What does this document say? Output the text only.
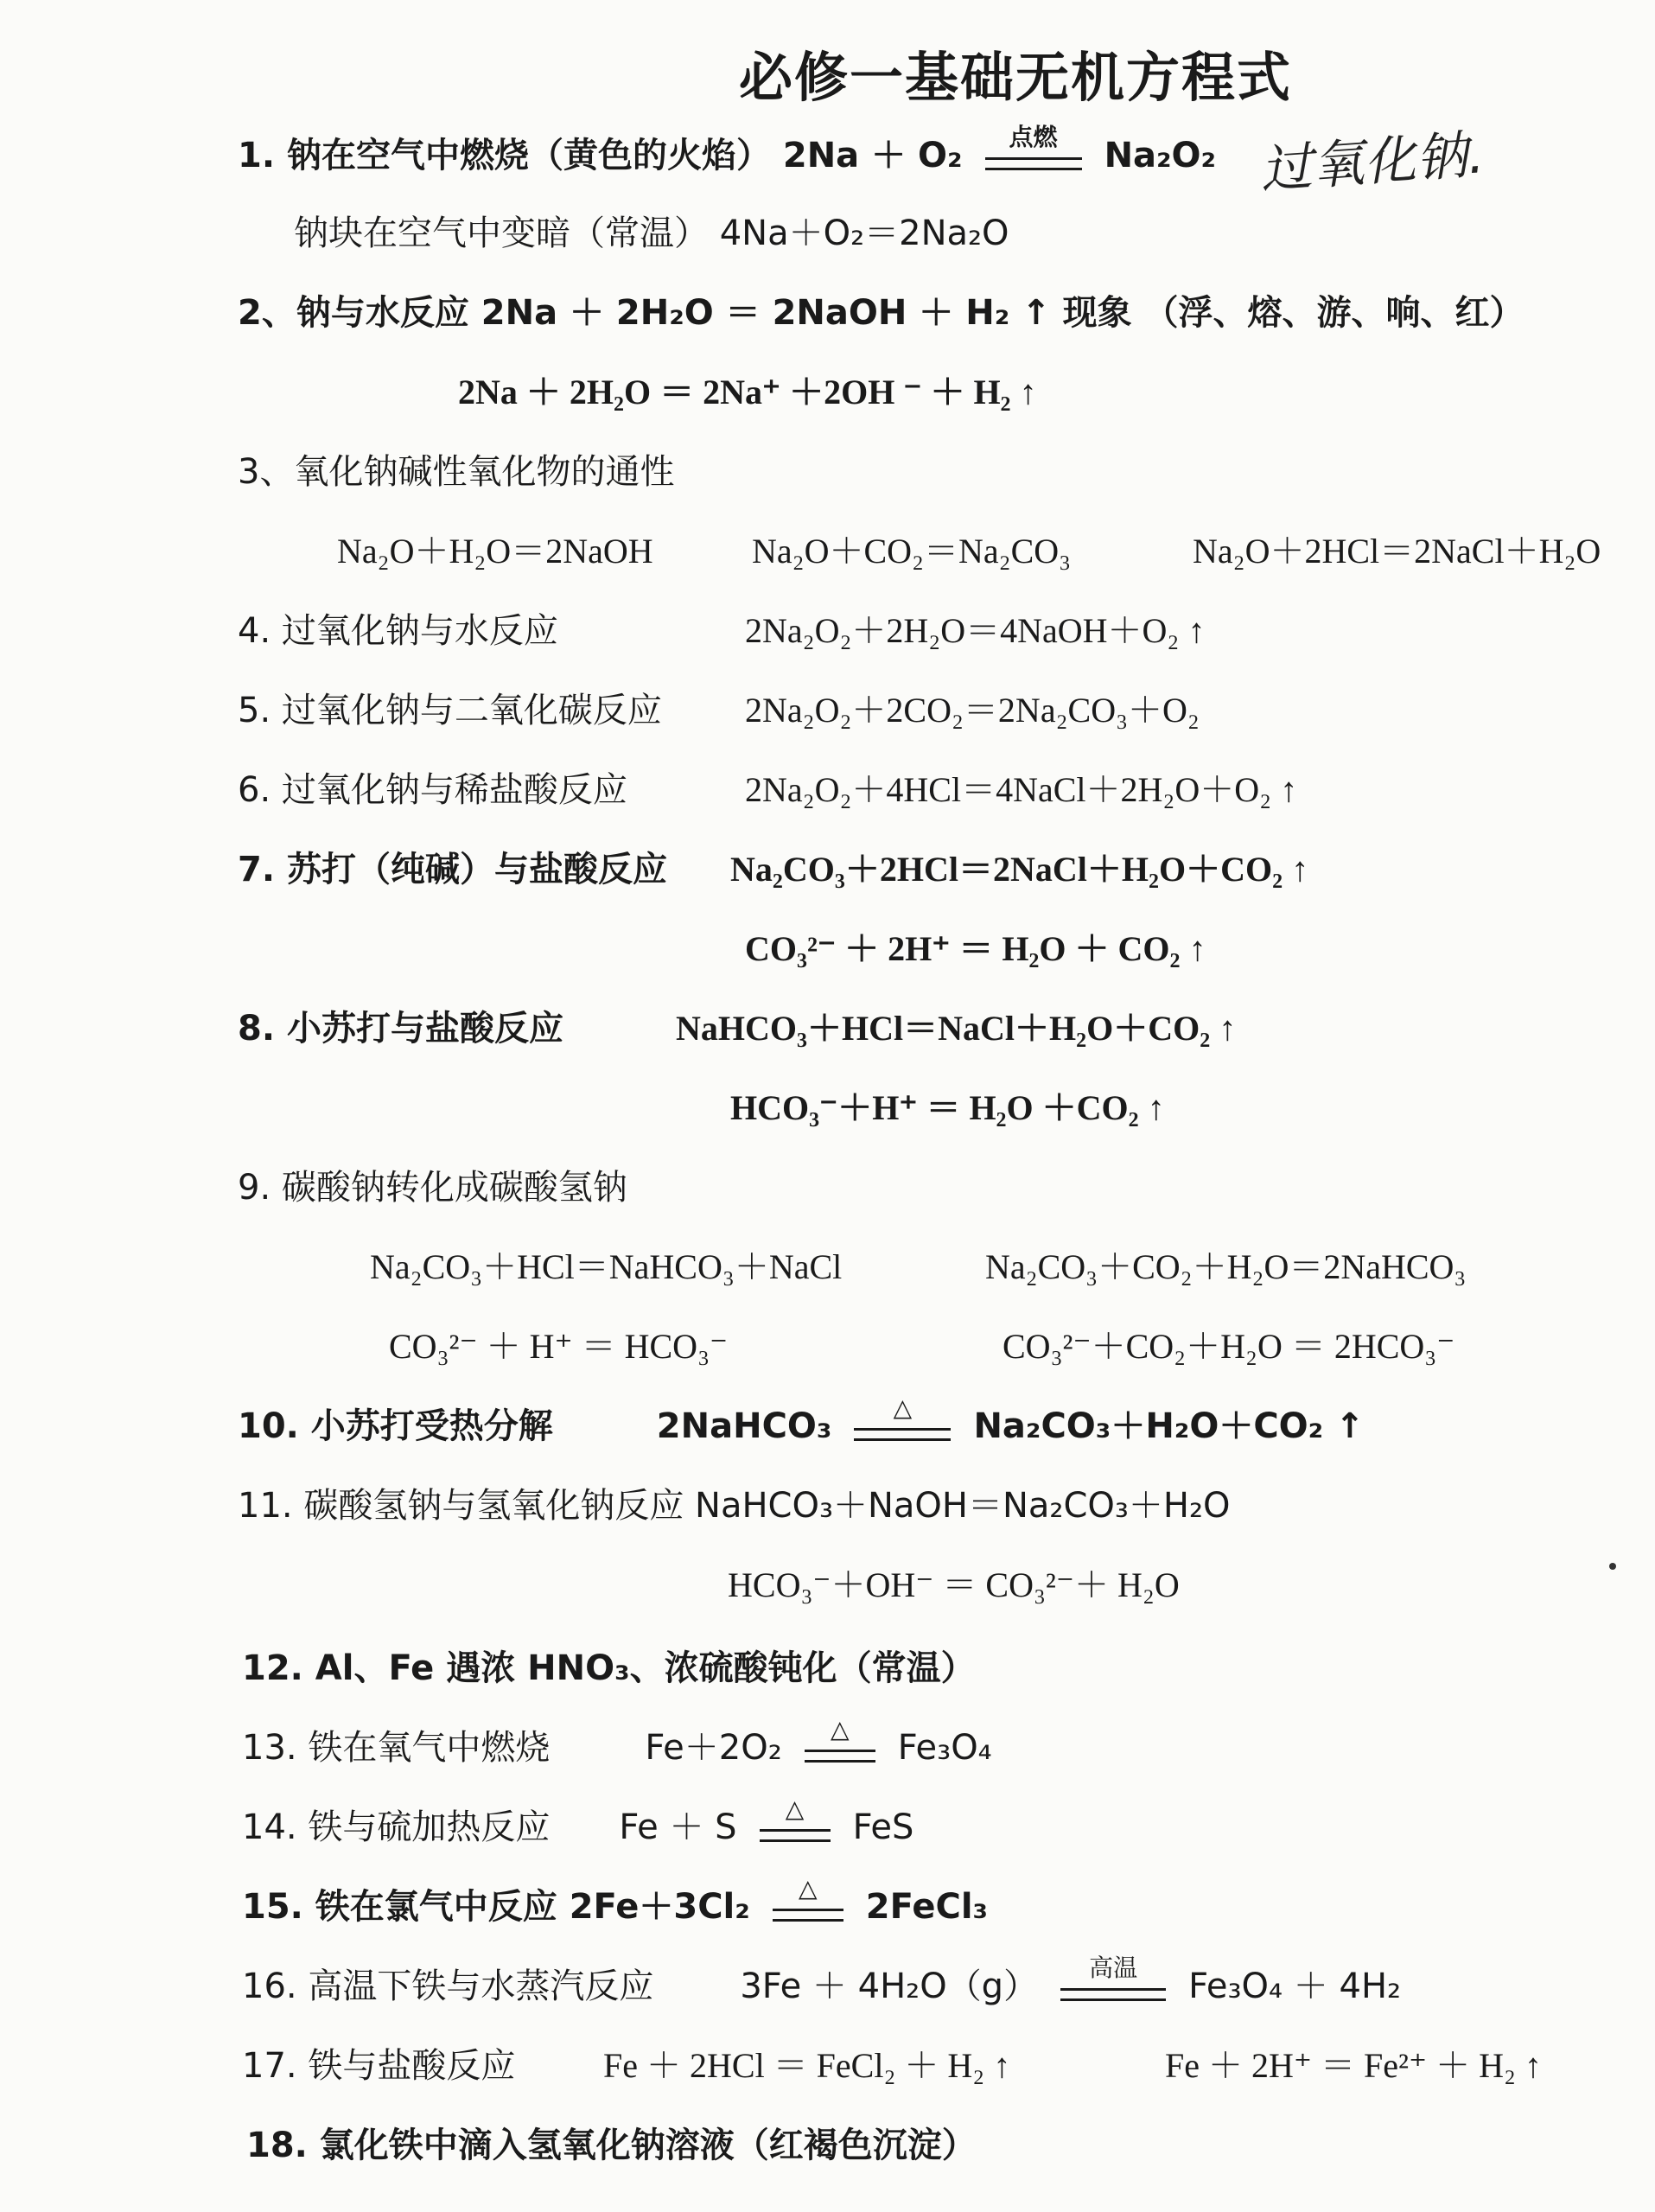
必修一基础无机方程式
1. 钠在空气中燃烧（黄色的火焰） 2Na ＋ O₂	点燃	Na₂O₂ 过氧化钠.
钠块在空气中变暗（常温） 4Na＋O₂＝2Na₂O
2、钠与水反应 2Na ＋ 2H₂O ＝ 2NaOH ＋ H₂ ↑ 现象 （浮、熔、游、响、红）
2Na ＋ 2H₂O ＝ 2Na⁺ ＋2OH ⁻ ＋ H₂ ↑
3、氧化钠碱性氧化物的通性
Na₂O＋H₂O＝2NaOH	Na₂O＋CO₂＝Na₂CO₃	Na₂O＋2HCl＝2NaCl＋H₂O
4. 过氧化钠与水反应	2Na₂O₂＋2H₂O＝4NaOH＋O₂ ↑
5. 过氧化钠与二氧化碳反应 2Na₂O₂＋2CO₂＝2Na₂CO₃＋O₂
6. 过氧化钠与稀盐酸反应	2Na₂O₂＋4HCl＝4NaCl＋2H₂O＋O₂ ↑
7. 苏打（纯碱）与盐酸反应 Na₂CO₃＋2HCl＝2NaCl＋H₂O＋CO₂ ↑
CO₃²⁻ ＋ 2H⁺ ＝ H₂O ＋ CO₂ ↑
8. 小苏打与盐酸反应	NaHCO₃＋HCl＝NaCl＋H₂O＋CO₂ ↑
HCO₃⁻＋H⁺ ＝ H₂O ＋CO₂ ↑
9. 碳酸钠转化成碳酸氢钠
Na₂CO₃＋HCl＝NaHCO₃＋NaCl	Na₂CO₃＋CO₂＋H₂O＝2NaHCO₃
CO₃²⁻ ＋ H⁺ ＝ HCO₃⁻	CO₃²⁻＋CO₂＋H₂O ＝ 2HCO₃⁻
10. 小苏打受热分解	2NaHCO₃	△	Na₂CO₃＋H₂O＋CO₂ ↑
11. 碳酸氢钠与氢氧化钠反应 NaHCO₃＋NaOH＝Na₂CO₃＋H₂O
HCO₃⁻＋OH⁻ ＝ CO₃²⁻＋ H₂O
12. Al、Fe 遇浓 HNO₃、浓硫酸钝化（常温）
13. 铁在氧气中燃烧	Fe＋2O₂	△	Fe₃O₄
14. 铁与硫加热反应 Fe ＋ S	△	FeS
15. 铁在氯气中反应 2Fe＋3Cl₂	△	2FeCl₃
16. 高温下铁与水蒸汽反应	3Fe ＋ 4H₂O（g）	高温	Fe₃O₄ ＋ 4H₂
17. 铁与盐酸反应	Fe ＋ 2HCl ＝ FeCl₂ ＋ H₂ ↑	Fe ＋ 2H⁺ ＝ Fe²⁺ ＋ H₂ ↑
18. 氯化铁中滴入氢氧化钠溶液（红褐色沉淀）
